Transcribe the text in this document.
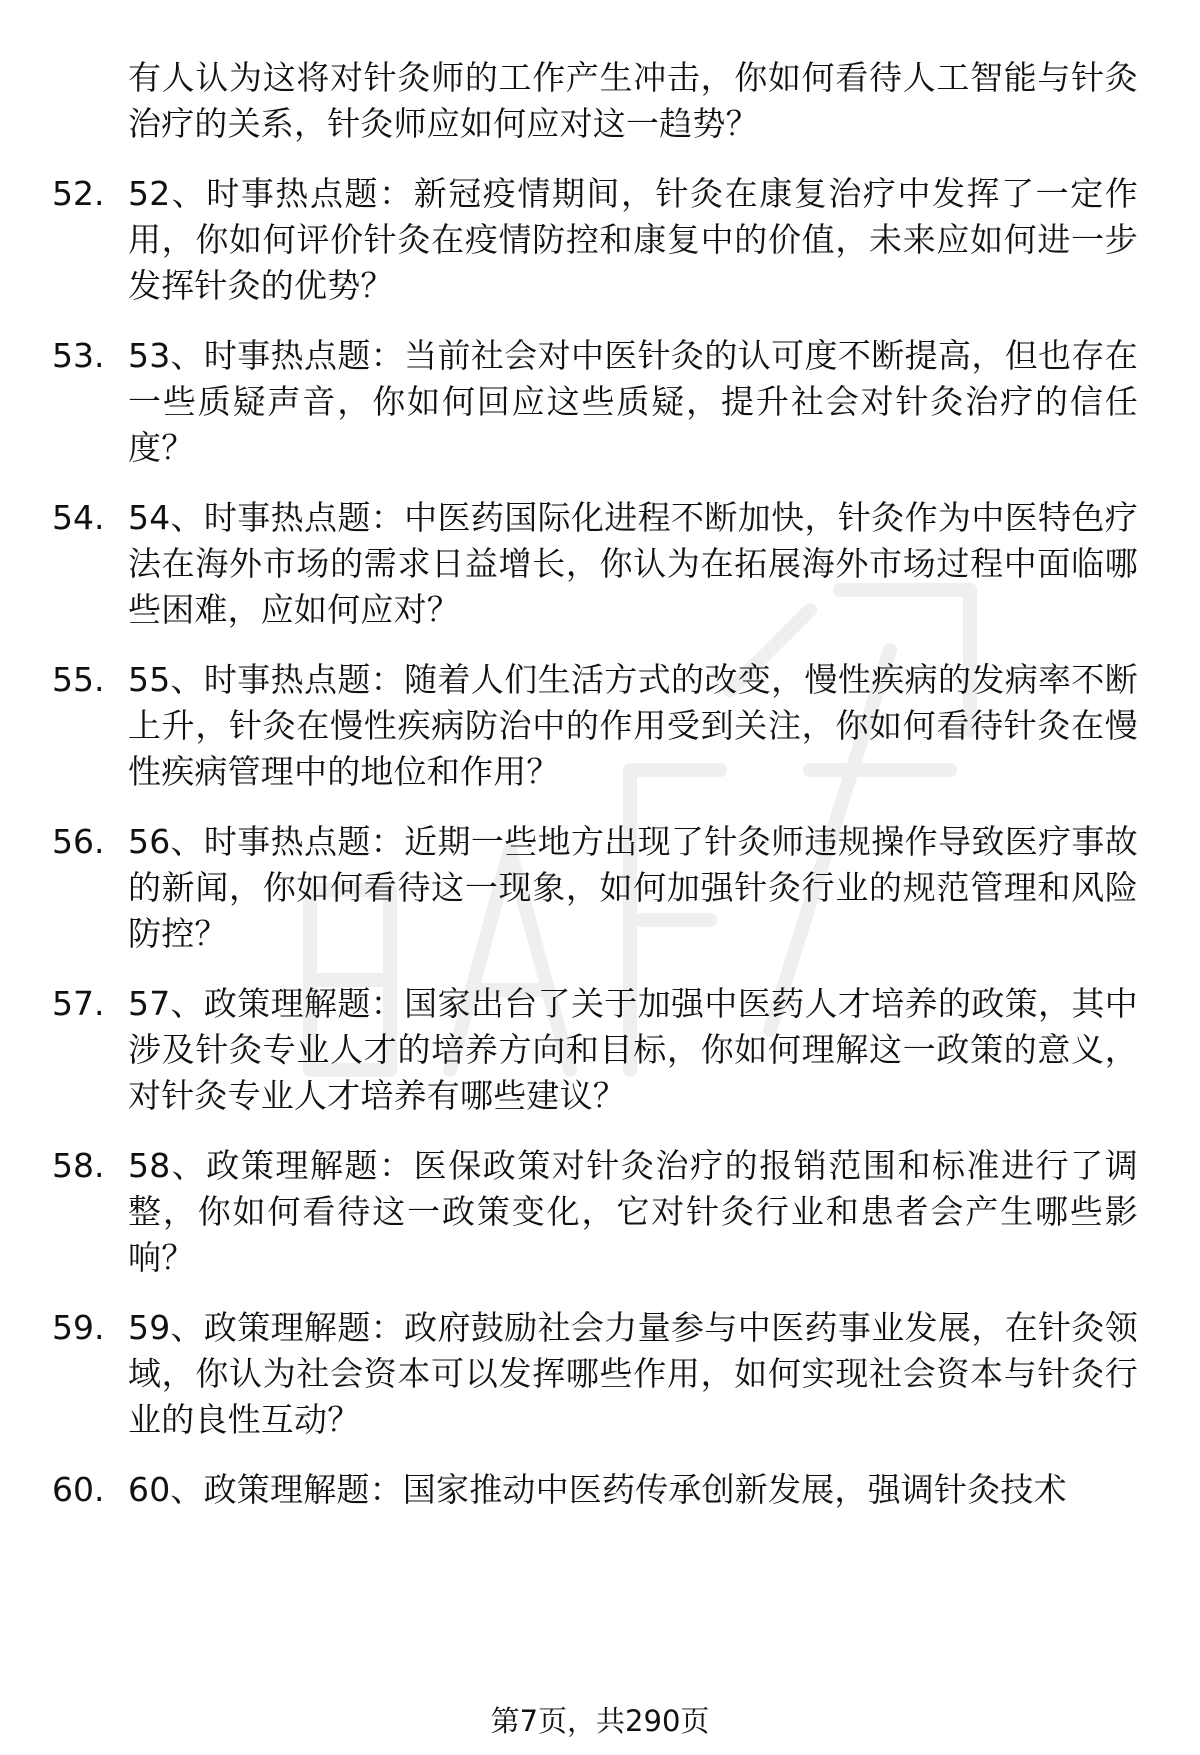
有人认为这将对针灸师的工作产生冲击，你如何看待人工智能与针灸治疗的关系，针灸师应如何应对这一趋势？
52. 52、时事热点题：新冠疫情期间，针灸在康复治疗中发挥了一定作用，你如何评价针灸在疫情防控和康复中的价值，未来应如何进一步发挥针灸的优势？
53. 53、时事热点题：当前社会对中医针灸的认可度不断提高，但也存在一些质疑声音，你如何回应这些质疑，提升社会对针灸治疗的信任度？
54. 54、时事热点题：中医药国际化进程不断加快，针灸作为中医特色疗法在海外市场的需求日益增长，你认为在拓展海外市场过程中面临哪些困难，应如何应对？
55. 55、时事热点题：随着人们生活方式的改变，慢性疾病的发病率不断上升，针灸在慢性疾病防治中的作用受到关注，你如何看待针灸在慢性疾病管理中的地位和作用？
56. 56、时事热点题：近期一些地方出现了针灸师违规操作导致医疗事故的新闻，你如何看待这一现象，如何加强针灸行业的规范管理和风险防控？
57. 57、政策理解题：国家出台了关于加强中医药人才培养的政策，其中涉及针灸专业人才的培养方向和目标，你如何理解这一政策的意义，对针灸专业人才培养有哪些建议？
58. 58、政策理解题：医保政策对针灸治疗的报销范围和标准进行了调整，你如何看待这一政策变化，它对针灸行业和患者会产生哪些影响？
59. 59、政策理解题：政府鼓励社会力量参与中医药事业发展，在针灸领域，你认为社会资本可以发挥哪些作用，如何实现社会资本与针灸行业的良性互动？
60. 60、政策理解题：国家推动中医药传承创新发展，强调针灸技术
第7页，共290页
